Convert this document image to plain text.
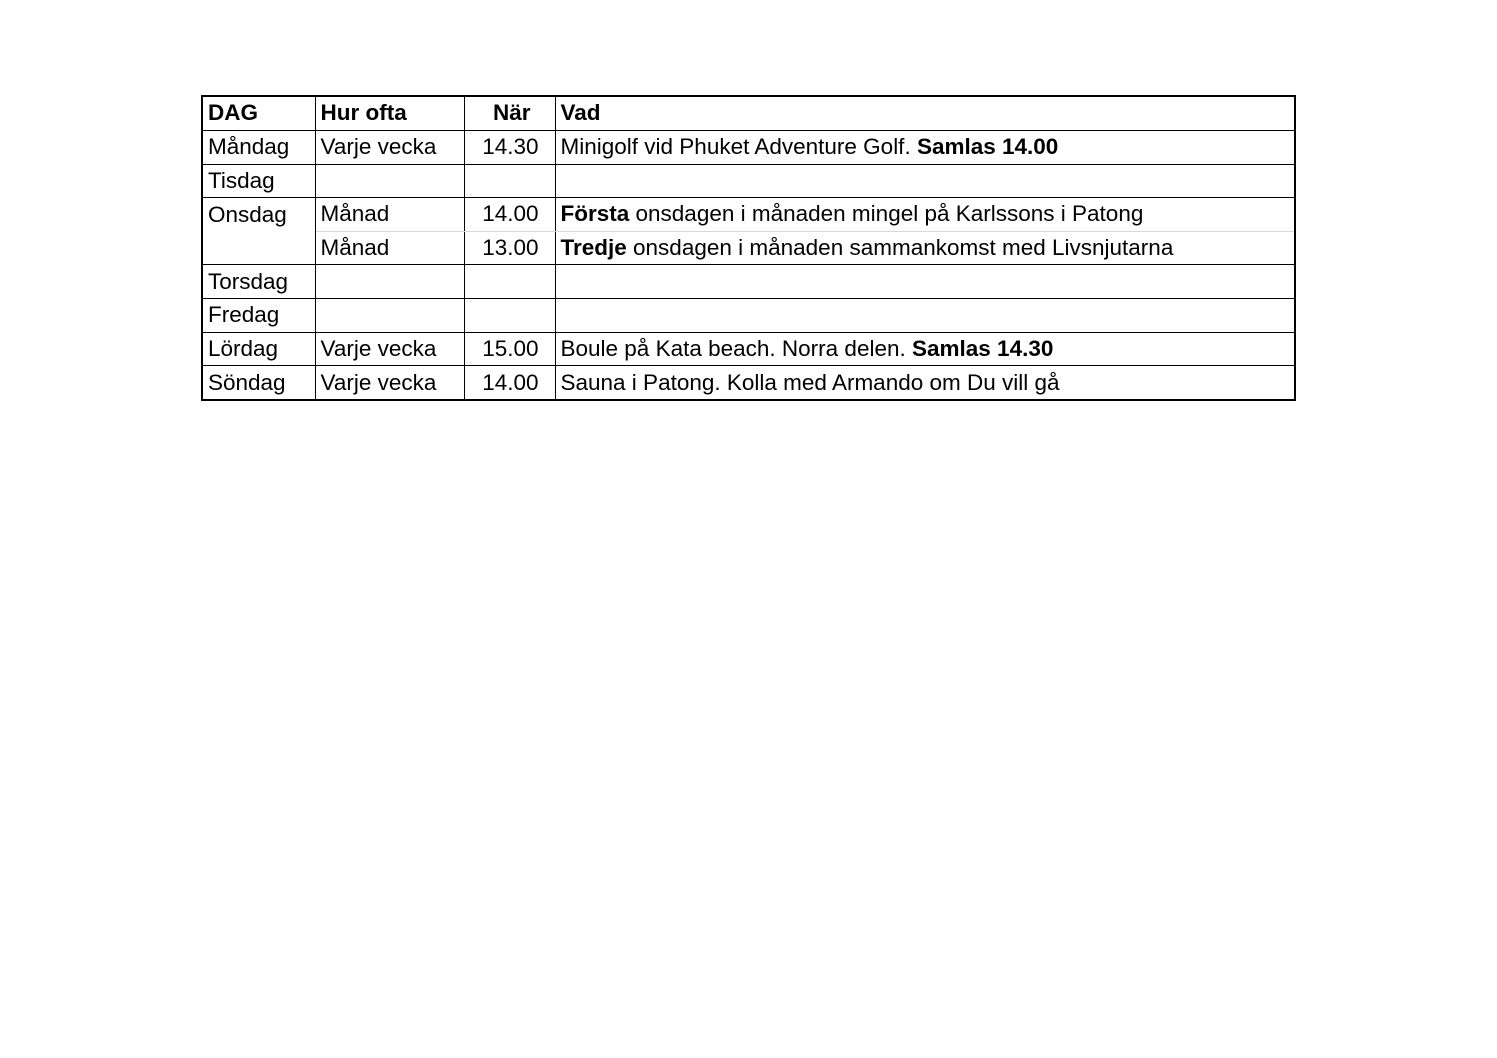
DAG	Hur ofta	När	Vad
Måndag	Varje vecka	14.30	Minigolf vid Phuket Adventure Golf. Samlas 14.00
Tisdag			
Onsdag	Månad	14.00	Första onsdagen i månaden mingel på Karlssons i Patong
	Månad	13.00	Tredje onsdagen i månaden sammankomst med Livsnjutarna
Torsdag			
Fredag			
Lördag	Varje vecka	15.00	Boule på Kata beach. Norra delen. Samlas 14.30
Söndag	Varje vecka	14.00	Sauna i Patong. Kolla med Armando om Du vill gå
